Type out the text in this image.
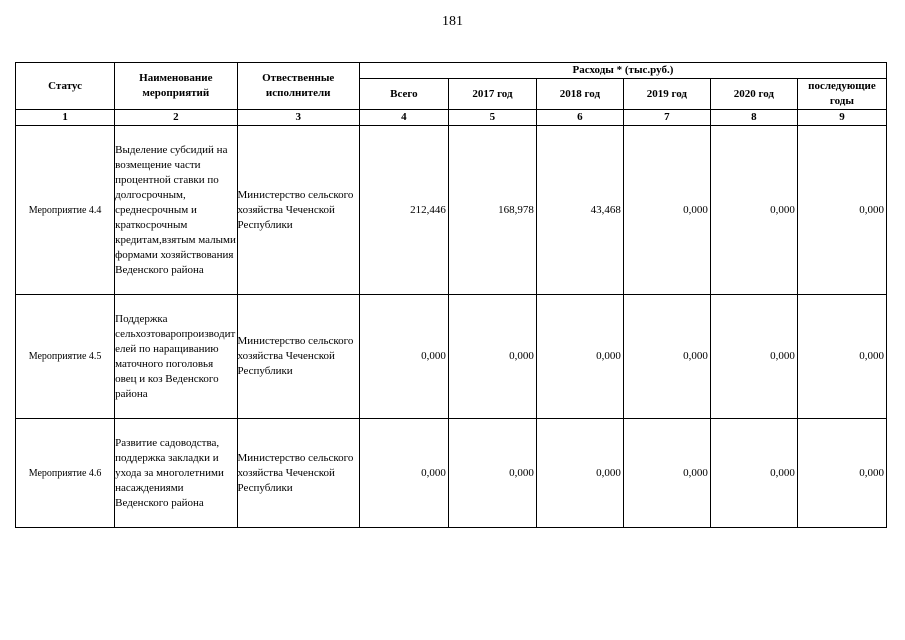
181
Статус	Наименование мероприятий	Отвественные исполнители	Расходы * (тыс.руб.)					
			Всего	2017 год	2018 год	2019 год	2020 год	последующие годы
1	2	3	4	5	6	7	8	9
Мероприятие 4.4	Выделение субсидий на возмещение части процентной ставки по долгосрочным, среднесрочным и краткосрочным кредитам,взятым малыми формами хозяйствования Веденского района	Министерство сельского хозяйства Чеченской Республики	212,446	168,978	43,468	0,000	0,000	0,000
Мероприятие 4.5	Поддержка сельхозтоваропроизводителей по наращиванию маточного поголовья овец и коз Веденского района	Министерство сельского хозяйства Чеченской Республики	0,000	0,000	0,000	0,000	0,000	0,000
Мероприятие 4.6	Развитие садоводства, поддержка закладки и ухода за многолетними насаждениями Веденского района	Министерство сельского хозяйства Чеченской Республики	0,000	0,000	0,000	0,000	0,000	0,000
